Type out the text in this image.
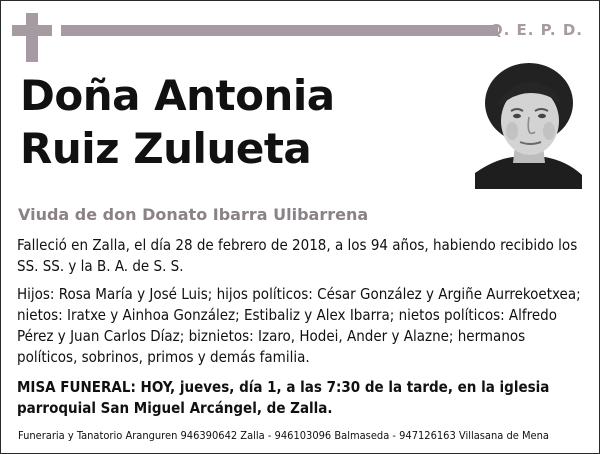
Q. E. P. D.
Doña Antonia
Ruiz Zulueta
Viuda de don Donato Ibarra Ulibarrena
Falleció en Zalla, el día 28 de febrero de 2018, a los 94 años, habiendo recibido los SS. SS. y la B. A. de S. S.
Hijos: Rosa María y José Luis; hijos políticos: César González y Argiñe Aurrekoetxea; nietos: Iratxe y Ainhoa González; Estibaliz y Alex Ibarra; nietos políticos: Alfredo Pérez y Juan Carlos Díaz; biznietos: Izaro, Hodei, Ander y Alazne; hermanos políticos, sobrinos, primos y demás familia.
MISA FUNERAL: HOY, jueves, día 1, a las 7:30 de la tarde, en la iglesia parroquial San Miguel Arcángel, de Zalla.
Funeraria y Tanatorio Aranguren 946390642 Zalla - 946103096 Balmaseda - 947126163 Villasana de Mena
